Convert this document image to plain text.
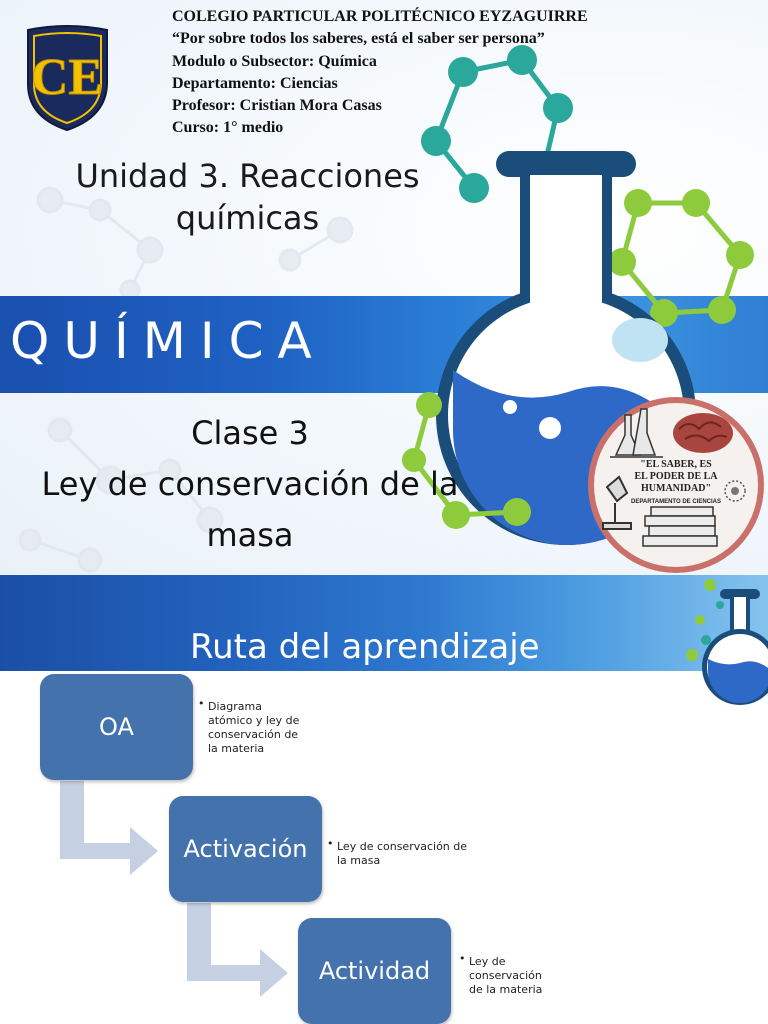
QUÍMICA
CE
COLEGIO PARTICULAR POLITÉCNICO EYZAGUIRRE
“Por sobre todos los saberes, está el saber ser persona”
Modulo o Subsector: Química
Departamento: Ciencias
Profesor: Cristian Mora Casas
Curso: 1° medio
Unidad 3. Reacciones químicas
Clase 3
Ley de conservación de la masa
"EL SABER, ES
EL PODER DE LA
HUMANIDAD"
DEPARTAMENTO DE CIENCIAS
Ruta del aprendizaje
OA
Activación
Actividad
• Diagrama atómico y ley de conservación de la materia
• Ley de conservación de la masa
• Ley de conservación de la materia
